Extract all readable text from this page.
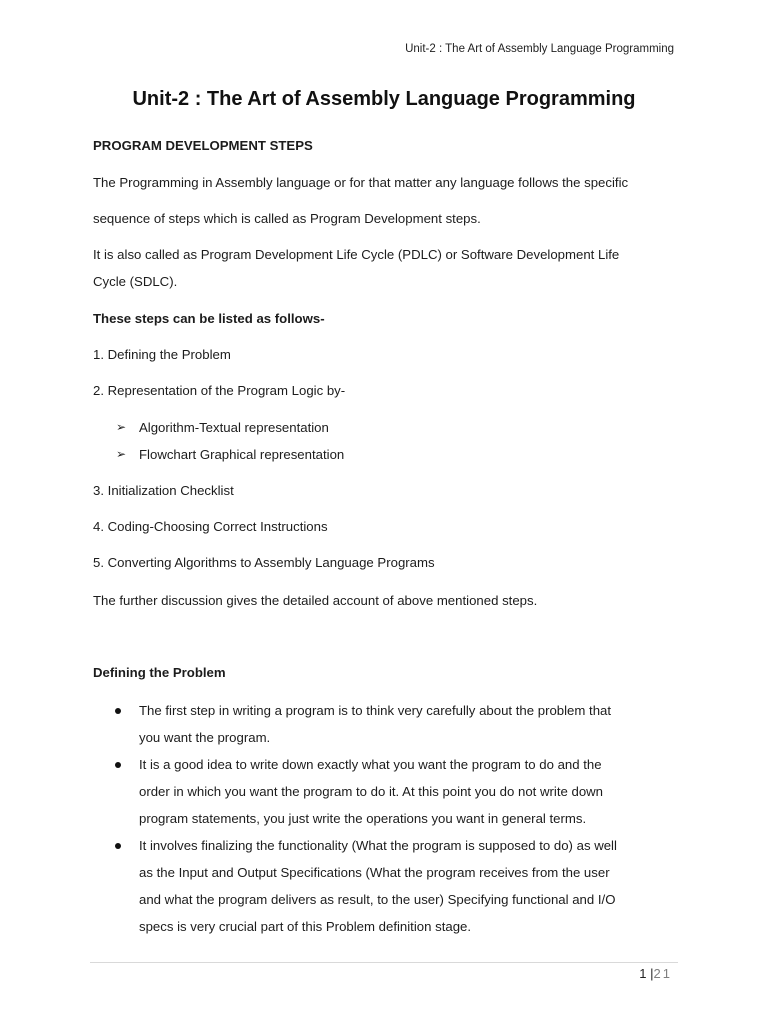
Unit-2 : The Art of Assembly Language Programming
Unit-2 : The Art of Assembly Language Programming
PROGRAM DEVELOPMENT STEPS
The Programming in Assembly language or for that matter any language follows the specific
sequence of steps which is called as Program Development steps.
It is also called as Program Development Life Cycle (PDLC) or Software Development Life
Cycle (SDLC).
These steps can be listed as follows-
1. Defining the Problem
2. Representation of the Program Logic by-
➢ Algorithm-Textual representation
➢ Flowchart Graphical representation
3. Initialization Checklist
4. Coding-Choosing Correct Instructions
5. Converting Algorithms to Assembly Language Programs
The further discussion gives the detailed account of above mentioned steps.
Defining the Problem
The first step in writing a program is to think very carefully about the problem that
you want the program.
It is a good idea to write down exactly what you want the program to do and the
order in which you want the program to do it. At this point you do not write down
program statements, you just write the operations you want in general terms.
It involves finalizing the functionality (What the program is supposed to do) as well
as the Input and Output Specifications (What the program receives from the user
and what the program delivers as result, to the user) Specifying functional and I/O
specs is very crucial part of this Problem definition stage.
1 |21
